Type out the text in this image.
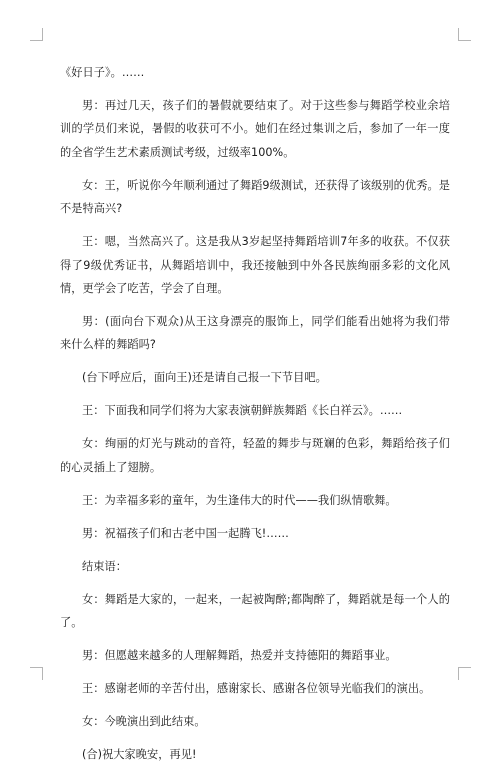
《好日子》。……

男：再过几天，孩子们的暑假就要结束了。对于这些参与舞蹈学校业余培训的学员们来说，暑假的收获可不小。她们在经过集训之后，参加了一年一度的全省学生艺术素质测试考级，过级率100%。

女：王，听说你今年顺利通过了舞蹈9级测试，还获得了该级别的优秀。是不是特高兴?

王：嗯，当然高兴了。这是我从3岁起坚持舞蹈培训7年多的收获。不仅获得了9级优秀证书，从舞蹈培训中，我还接触到中外各民族绚丽多彩的文化风情，更学会了吃苦，学会了自理。

男：(面向台下观众)从王这身漂亮的服饰上，同学们能看出她将为我们带来什么样的舞蹈吗?

(台下呼应后，面向王)还是请自己报一下节目吧。

王：下面我和同学们将为大家表演朝鲜族舞蹈《长白祥云》。……

女：绚丽的灯光与跳动的音符，轻盈的舞步与斑斓的色彩，舞蹈给孩子们的心灵插上了翅膀。

王：为幸福多彩的童年，为生逢伟大的时代——我们纵情歌舞。

男：祝福孩子们和古老中国一起腾飞!……

结束语：

女：舞蹈是大家的，一起来，一起被陶醉;都陶醉了，舞蹈就是每一个人的了。

男：但愿越来越多的人理解舞蹈，热爱并支持德阳的舞蹈事业。

王：感谢老师的辛苦付出，感谢家长、感谢各位领导光临我们的演出。

女：今晚演出到此结束。

(合)祝大家晚安，再见!
